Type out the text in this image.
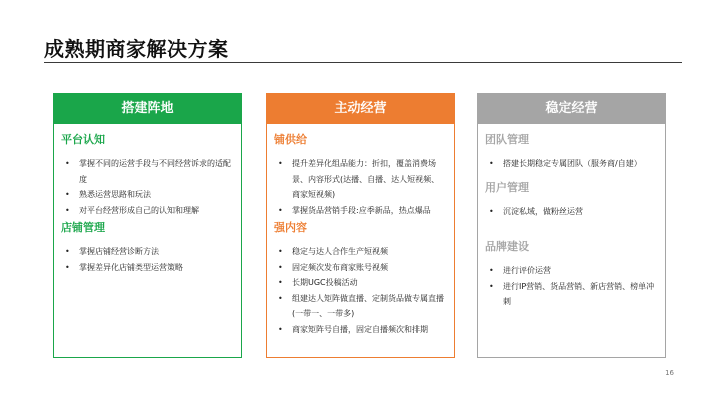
成熟期商家解决方案
搭建阵地
平台认知
• 掌握不同的运营手段与不同经营诉求的适配度
• 熟悉运营思路和玩法
• 对平台经营形成自己的认知和理解
店铺管理
• 掌握店铺经营诊断方法
• 掌握差异化店铺类型运营策略
主动经营
铺供给
• 提升差异化组品能力：折扣，覆盖消费场景、内容形式(达播、自播、达人短视频、商家短视频)
• 掌握货品营销手段:应季新品，热点爆品
强内容
• 稳定与达人合作生产短视频
• 固定频次发布商家账号视频
• 长期UGC投稿活动
• 组建达人矩阵做直播、定制货品做专属直播(一带一、一带多)
• 商家矩阵号自播，固定自播频次和排期
稳定经营
团队管理
• 搭建长期稳定专属团队（服务商/自建）
用户管理
• 沉淀私域，做粉丝运营
品牌建设
• 进行评价运营
• 进行IP营销、货品营销、新店营销、榜单冲刺
16
